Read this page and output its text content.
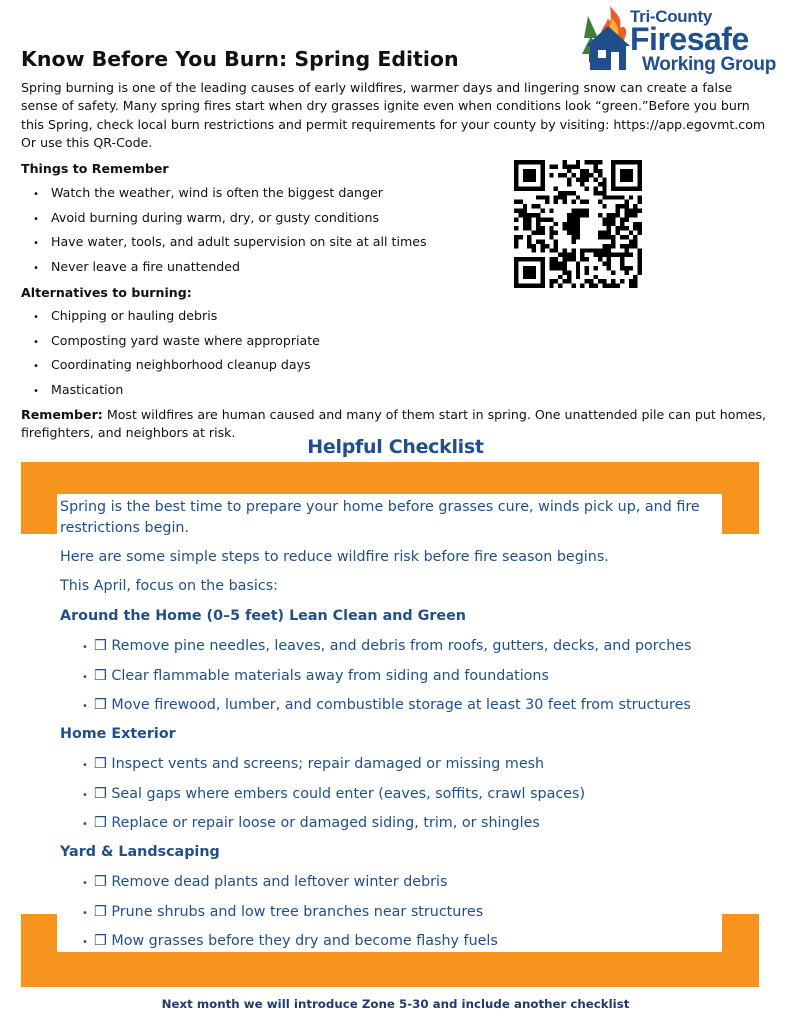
Tri-County
Firesafe
Working Group
Know Before You Burn: Spring Edition

Spring burning is one of the leading causes of early wildfires, warmer days and lingering snow can create a false sense of safety. Many spring fires start when dry grasses ignite even when conditions look “green.”Before you burn this Spring, check local burn restrictions and permit requirements for your county by visiting: https://app.egovmt.com Or use this QR-Code.

Things to Remember
• Watch the weather, wind is often the biggest danger
• Avoid burning during warm, dry, or gusty conditions
• Have water, tools, and adult supervision on site at all times
• Never leave a fire unattended
Alternatives to burning:
• Chipping or hauling debris
• Composting yard waste where appropriate
• Coordinating neighborhood cleanup days
• Mastication

Remember: Most wildfires are human caused and many of them start in spring. One unattended pile can put homes, firefighters, and neighbors at risk.

Helpful Checklist

Spring is the best time to prepare your home before grasses cure, winds pick up, and fire restrictions begin.

Here are some simple steps to reduce wildfire risk before fire season begins.

This April, focus on the basics:

Around the Home (0–5 feet) Lean Clean and Green

• ❒ Remove pine needles, leaves, and debris from roofs, gutters, decks, and porches
• ❒ Clear flammable materials away from siding and foundations
• ❒ Move firewood, lumber, and combustible storage at least 30 feet from structures

Home Exterior

• ❒ Inspect vents and screens; repair damaged or missing mesh
• ❒ Seal gaps where embers could enter (eaves, soffits, crawl spaces)
• ❒ Replace or repair loose or damaged siding, trim, or shingles

Yard & Landscaping

• ❒ Remove dead plants and leftover winter debris
• ❒ Prune shrubs and low tree branches near structures
• ❒ Mow grasses before they dry and become flashy fuels
Next month we will introduce Zone 5-30 and include another checklist
